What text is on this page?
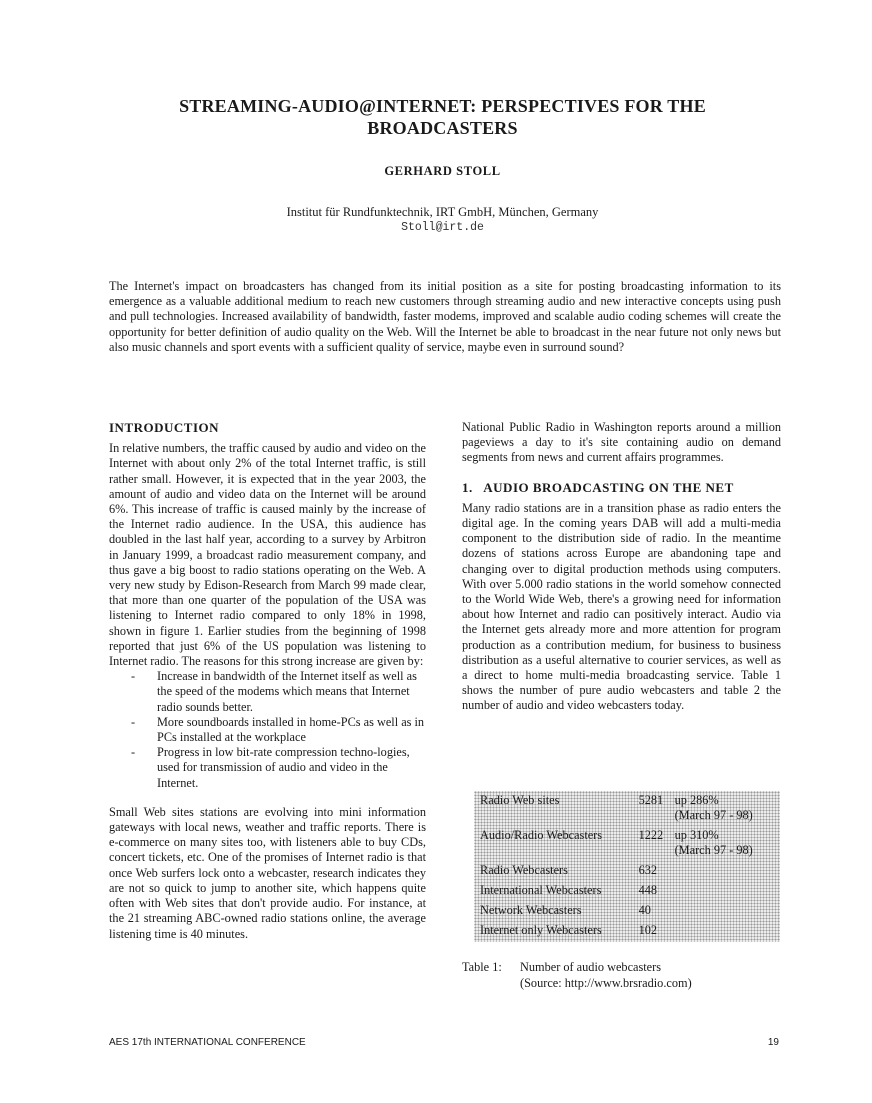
STREAMING-AUDIO@INTERNET: PERSPECTIVES FOR THE
BROADCASTERS
GERHARD STOLL
Institut für Rundfunktechnik, IRT GmbH, München, Germany
Stoll@irt.de
The Internet's impact on broadcasters has changed from its initial position as a site for posting broadcasting information to its emergence as a valuable additional medium to reach new customers through streaming audio and new interactive concepts using push and pull technologies. Increased availability of bandwidth, faster modems, improved and scalable audio coding schemes will create the opportunity for better definition of audio quality on the Web. Will the Internet be able to broadcast in the near future not only news but also music channels and sport events with a sufficient quality of service, maybe even in surround sound?
INTRODUCTION

In relative numbers, the traffic caused by audio and video on the Internet with about only 2% of the total Internet traffic, is still rather small. However, it is expected that in the year 2003, the amount of audio and video data on the Internet will be around 6%. This increase of traffic is caused mainly by the increase of the Internet radio audience. In the USA, this audience has doubled in the last half year, according to a survey by Arbitron in January 1999, a broadcast radio measurement company, and thus gave a big boost to radio stations operating on the Web. A very new study by Edison-Research from March 99 made clear, that more than one quarter of the population of the USA was listening to Internet radio compared to only 18% in 1998, shown in figure 1. Earlier studies from the beginning of 1998 reported that just 6% of the US population was listening to Internet radio. The reasons for this strong increase are given by:

- Increase in bandwidth of the Internet itself as well as the speed of the modems which means that Internet radio sounds better.
- More soundboards installed in home-PCs as well as in PCs installed at the workplace
- Progress in low bit-rate compression techno-logies, used for transmission of audio and video in the Internet.

Small Web sites stations are evolving into mini information gateways with local news, weather and traffic reports. There is e-commerce on many sites too, with listeners able to buy CDs, concert tickets, etc. One of the promises of Internet radio is that once Web surfers lock onto a webcaster, research indicates they are not so quick to jump to another site, which happens quite often with Web sites that don't provide audio. For instance, at the 21 streaming ABC-owned radio stations online, the average listening time is 40 minutes.

National Public Radio in Washington reports around a million pageviews a day to it's site containing audio on demand segments from news and current affairs programmes.

1.   AUDIO BROADCASTING ON THE NET

Many radio stations are in a transition phase as radio enters the digital age. In the coming years DAB will add a multi-media component to the distribution side of radio. In the meantime dozens of stations across Europe are abandoning tape and changing over to digital production methods using computers. With over 5.000 radio stations in the world somehow connected to the World Wide Web, there's a growing need for information about how Internet and radio can positively interact. Audio via the Internet gets already more and more attention for program production as a contribution medium, for business to business distribution as a useful alternative to courier services, as well as a direct to home multi-media broadcasting service. Table 1 shows the number of pure audio webcasters and table 2 the number of audio and video webcasters today.

Radio Web sites	5281	up 286%
(March 97 - 98)

Audio/Radio Webcasters	1222	up 310%
(March 97 - 98)

Radio Webcasters	632	
International Webcasters	448	
Network Webcasters	40	
Internet only Webcasters	102	
Table 1: Number of audio webcasters
(Source: http://www.brsradio.com)
AES 17th INTERNATIONAL CONFERENCE	19
